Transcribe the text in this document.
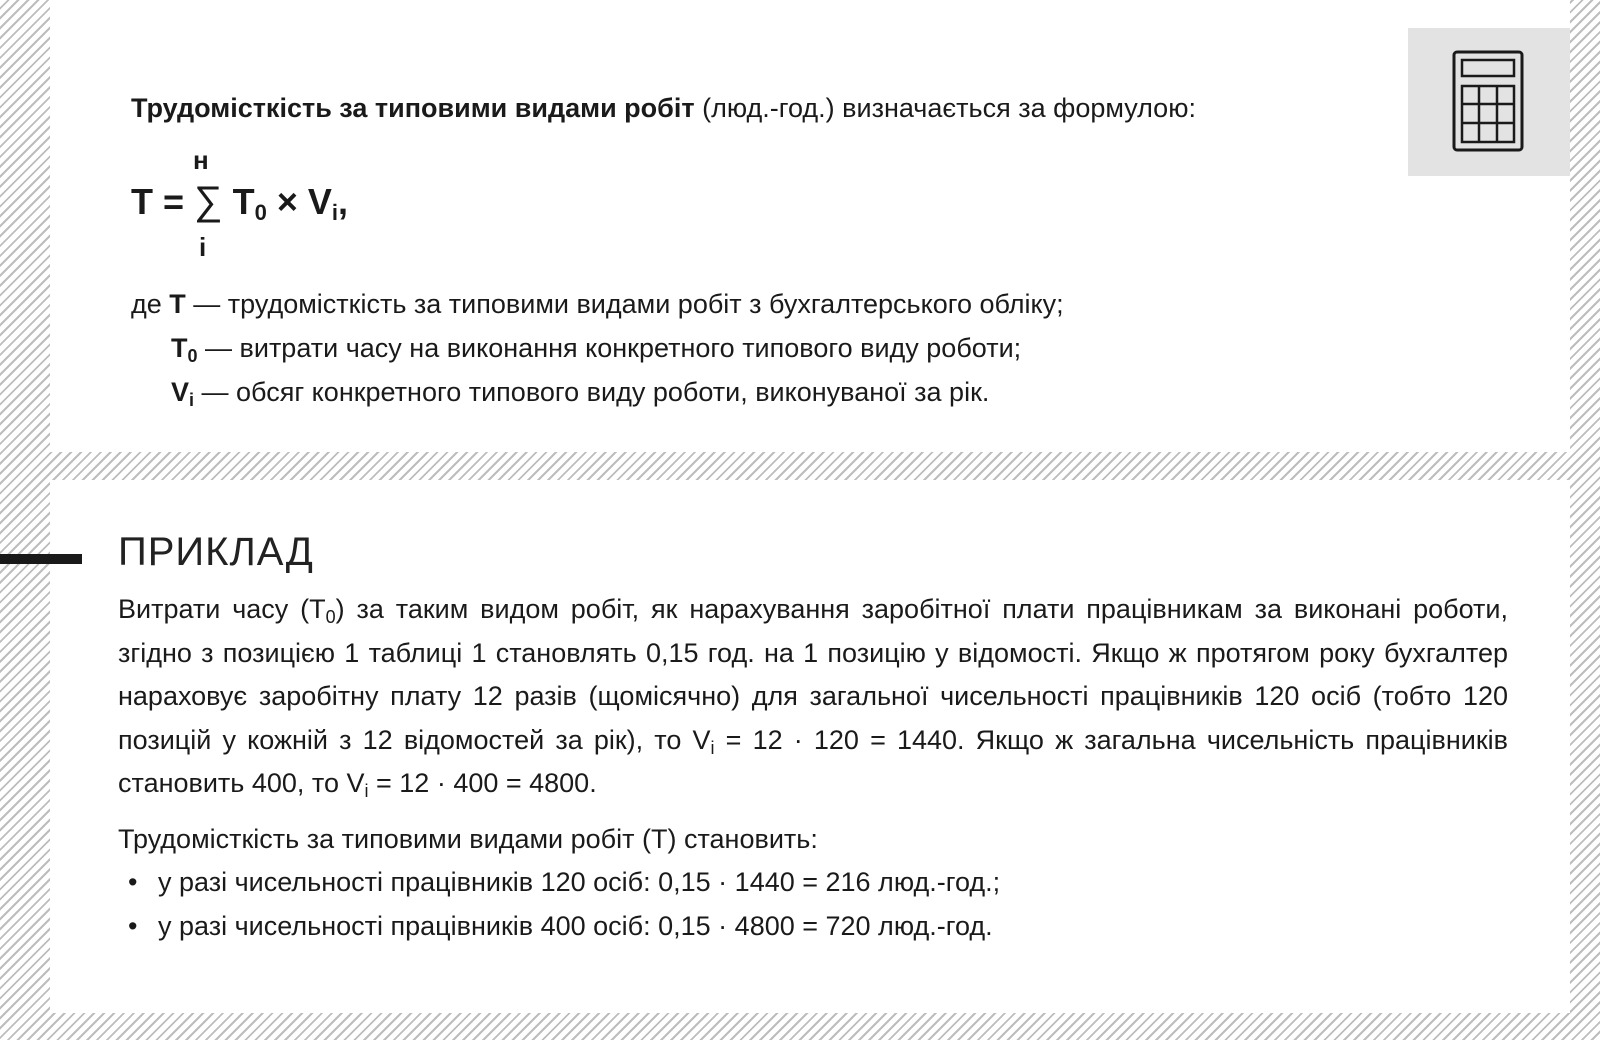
Трудомісткість за типовими видами робіт (люд.-год.) визначається за формулою:
н
T = ∑ $T_0 \times V_і$,
і
де T — трудомісткість за типовими видами робіт з бухгалтерського обліку;
$T_0$ — витрати часу на виконання конкретного типового виду роботи;
$V_і$ — обсяг конкретного типового виду роботи, виконуваної за рік.
ПРИКЛАД
Витрати часу $(T_0)$ за таким видом робіт, як нарахування заробітної плати працівникам за виконані роботи, згідно з позицією 1 таблиці 1 становлять 0,15 год. на 1 позицію у відомості. Якщо ж протягом року бухгалтер нараховує заробітну плату 12 разів (щомісячно) для загальної чисельності працівників 120 осіб (тобто 120 позицій у кожній з 12 відомостей за рік), то $V_i = 12 \cdot 120 = 1440$. Якщо ж загальна чисельність працівників становить 400, то $V_i = 12 \cdot 400 = 4800$.
Трудомісткість за типовими видами робіт (T) становить:
• у разі чисельності працівників 120 осіб: 0,15 · 1440 = 216 люд.-год.;
• у разі чисельності працівників 400 осіб: 0,15 · 4800 = 720 люд.-год.
